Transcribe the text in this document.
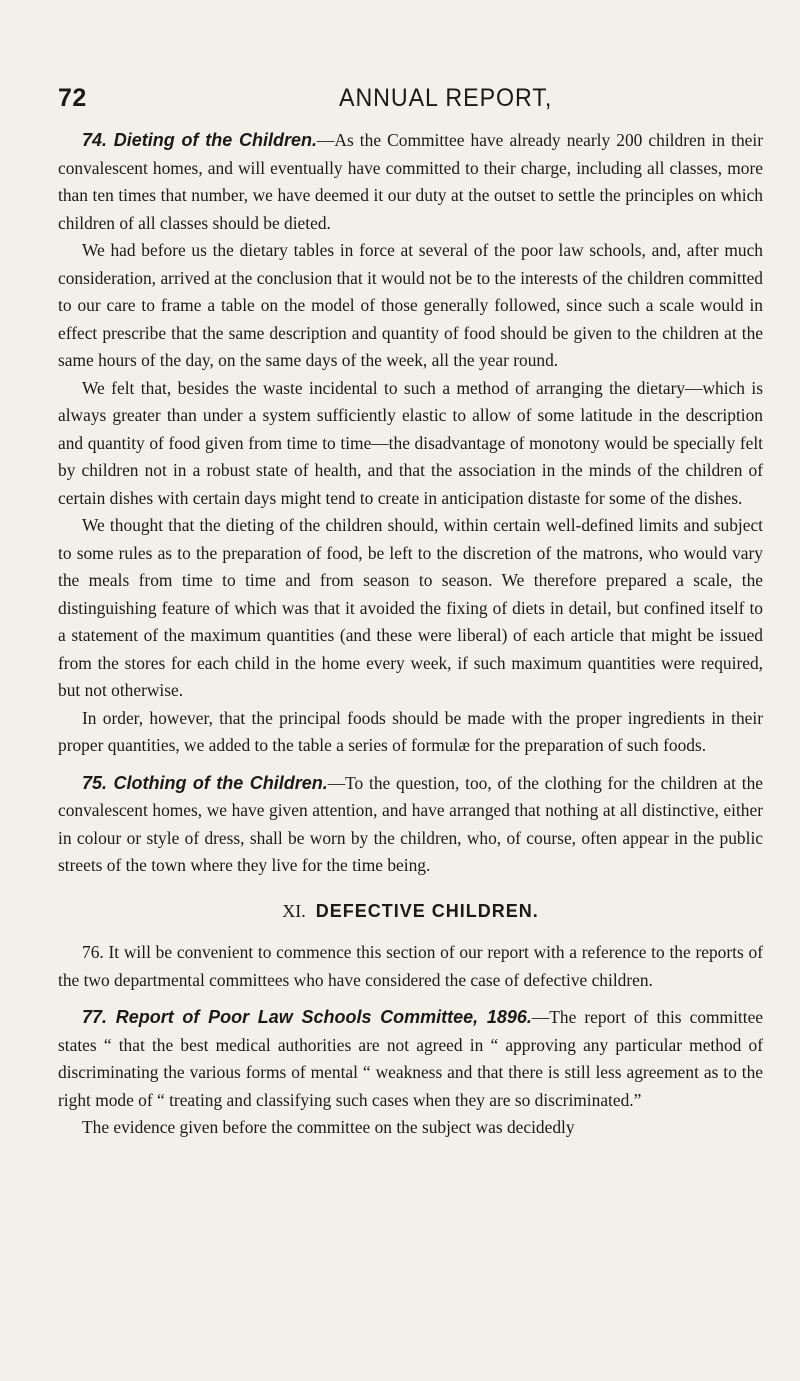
72	ANNUAL REPORT,

74. Dieting of the Children.—As the Committee have already nearly 200 children in their convalescent homes, and will eventually have committed to their charge, including all classes, more than ten times that number, we have deemed it our duty at the outset to settle the principles on which children of all classes should be dieted.

We had before us the dietary tables in force at several of the poor law schools, and, after much consideration, arrived at the conclusion that it would not be to the interests of the children committed to our care to frame a table on the model of those generally followed, since such a scale would in effect prescribe that the same description and quantity of food should be given to the children at the same hours of the day, on the same days of the week, all the year round.

We felt that, besides the waste incidental to such a method of arranging the dietary—which is always greater than under a system sufficiently elastic to allow of some latitude in the description and quantity of food given from time to time—the disadvantage of monotony would be specially felt by children not in a robust state of health, and that the association in the minds of the children of certain dishes with certain days might tend to create in anticipation distaste for some of the dishes.

We thought that the dieting of the children should, within certain well-defined limits and subject to some rules as to the preparation of food, be left to the discretion of the matrons, who would vary the meals from time to time and from season to season. We therefore prepared a scale, the distinguishing feature of which was that it avoided the fixing of diets in detail, but confined itself to a statement of the maximum quantities (and these were liberal) of each article that might be issued from the stores for each child in the home every week, if such maximum quantities were required, but not otherwise.

In order, however, that the principal foods should be made with the proper ingredients in their proper quantities, we added to the table a series of formulæ for the preparation of such foods.

75. Clothing of the Children.—To the question, too, of the clothing for the children at the convalescent homes, we have given attention, and have arranged that nothing at all distinctive, either in colour or style of dress, shall be worn by the children, who, of course, often appear in the public streets of the town where they live for the time being.

XI. DEFECTIVE CHILDREN.

76. It will be convenient to commence this section of our report with a reference to the reports of the two departmental committees who have considered the case of defective children.

77. Report of Poor Law Schools Committee, 1896.—The report of this committee states “ that the best medical authorities are not agreed in “ approving any particular method of discriminating the various forms of mental “ weakness and that there is still less agreement as to the right mode of “ treating and classifying such cases when they are so discriminated.”

The evidence given before the committee on the subject was decidedly
